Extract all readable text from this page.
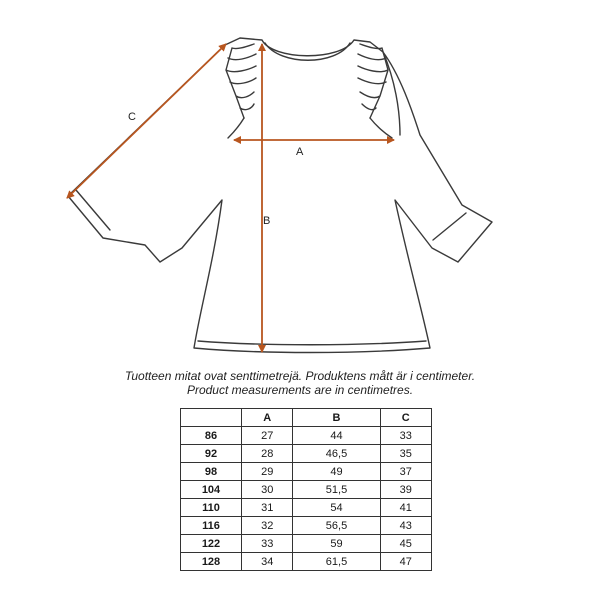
A
B
C
Tuotteen mitat ovat senttimetrejä. Produktens mått är i centimeter.
Product measurements are in centimetres.
	A	B	C
86	27	44	33
92	28	46,5	35
98	29	49	37
104	30	51,5	39
110	31	54	41
116	32	56,5	43
122	33	59	45
128	34	61,5	47
